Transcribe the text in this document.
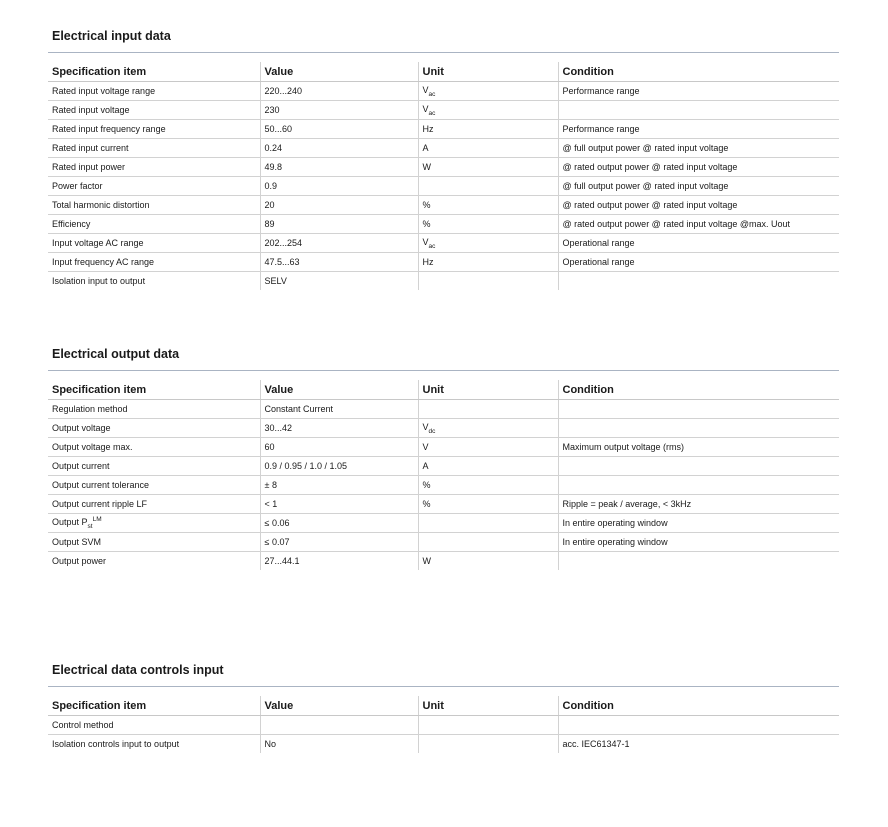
Electrical input data
Specification item	Value	Unit	Condition
Rated input voltage range	220...240	$V_{ac}$	Performance range
Rated input voltage	230	$V_{ac}$	
Rated input frequency range	50...60	Hz	Performance range
Rated input current	0.24	A	@ full output power @ rated input voltage
Rated input power	49.8	W	@ rated output power @ rated input voltage
Power factor	0.9		@ full output power @ rated input voltage
Total harmonic distortion	20	%	@ rated output power @ rated input voltage
Efficiency	89	%	@ rated output power @ rated input voltage @max. Uout
Input voltage AC range	202...254	$V_{ac}$	Operational range
Input frequency AC range	47.5...63	Hz	Operational range
Isolation input to output	SELV		
Electrical output data
Specification item	Value	Unit	Condition
Regulation method	Constant Current		
Output voltage	30...42	$V_{dc}$	
Output voltage max.	60	V	Maximum output voltage (rms)
Output current	0.9 / 0.95 / 1.0 / 1.05	A	
Output current tolerance	± 8	%	
Output current ripple LF	< 1	%	Ripple = peak / average, < 3kHz
Output $P_{st}^{LM}$	≤ 0.06		In entire operating window
Output SVM	≤ 0.07		In entire operating window
Output power	27...44.1	W	
Electrical data controls input
Specification item	Value	Unit	Condition
Control method			
Isolation controls input to output	No		acc. IEC61347-1
